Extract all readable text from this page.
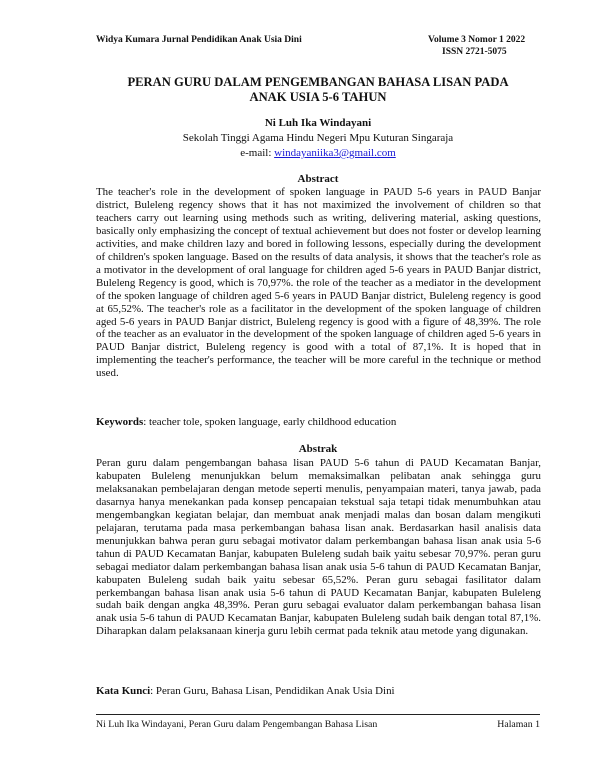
Widya Kumara Jurnal Pendidikan Anak Usia Dini	Volume 3 Nomor 1 2022
ISSN 2721-5075
PERAN GURU DALAM PENGEMBANGAN BAHASA LISAN PADA
ANAK USIA 5-6 TAHUN
Ni Luh Ika Windayani
Sekolah Tinggi Agama Hindu Negeri Mpu Kuturan Singaraja
e-mail: windayaniika3@gmail.com
Abstract
The teacher's role in the development of spoken language in PAUD 5-6 years in PAUD Banjar district, Buleleng regency shows that it has not maximized the involvement of children so that teachers carry out learning using methods such as writing, delivering material, asking questions, basically only emphasizing the concept of textual achievement but does not foster or develop learning activities, and make children lazy and bored in following lessons, especially during the development of children's spoken language. Based on the results of data analysis, it shows that the teacher's role as a motivator in the development of oral language for children aged 5-6 years in PAUD Banjar district, Buleleng Regency is good, which is 70,97%. the role of the teacher as a mediator in the development of the spoken language of children aged 5-6 years in PAUD Banjar district, Buleleng regency is good at 65,52%. The teacher's role as a facilitator in the development of the spoken language of children aged 5-6 years in PAUD Banjar district, Buleleng regency is good with a figure of 48,39%. The role of the teacher as an evaluator in the development of the spoken language of children aged 5-6 years in PAUD Banjar district, Buleleng regency is good with a total of 87,1%. It is hoped that in implementing the teacher's performance, the teacher will be more careful in the technique or method used.
Keywords: teacher tole, spoken language, early childhood education
Abstrak
Peran guru dalam pengembangan bahasa lisan PAUD 5-6 tahun di PAUD Kecamatan Banjar, kabupaten Buleleng menunjukkan belum memaksimalkan pelibatan anak sehingga guru melaksanakan pembelajaran dengan metode seperti menulis, penyampaian materi, tanya jawab, pada dasarnya hanya menekankan pada konsep pencapaian tekstual saja tetapi tidak menumbuhkan atau mengembangkan kegiatan belajar, dan membuat anak menjadi malas dan bosan dalam mengikuti pelajaran, terutama pada masa perkembangan bahasa lisan anak. Berdasarkan hasil analisis data menunjukkan bahwa peran guru sebagai motivator dalam perkembangan bahasa lisan anak usia 5-6 tahun di PAUD Kecamatan Banjar, kabupaten Buleleng sudah baik yaitu sebesar 70,97%. peran guru sebagai mediator dalam perkembangan bahasa lisan anak usia 5-6 tahun di PAUD Kecamatan Banjar, kabupaten Buleleng sudah baik yaitu sebesar 65,52%. Peran guru sebagai fasilitator dalam perkembangan bahasa lisan anak usia 5-6 tahun di PAUD Kecamatan Banjar, kabupaten Buleleng sudah baik dengan angka 48,39%. Peran guru sebagai evaluator dalam perkembangan bahasa lisan anak usia 5-6 tahun di PAUD Kecamatan Banjar, kabupaten Buleleng sudah baik dengan total 87,1%. Diharapkan dalam pelaksanaan kinerja guru lebih cermat pada teknik atau metode yang digunakan.
Kata Kunci: Peran Guru, Bahasa Lisan, Pendidikan Anak Usia Dini
Ni Luh Ika Windayani, Peran Guru dalam Pengembangan Bahasa Lisan	Halaman 1
